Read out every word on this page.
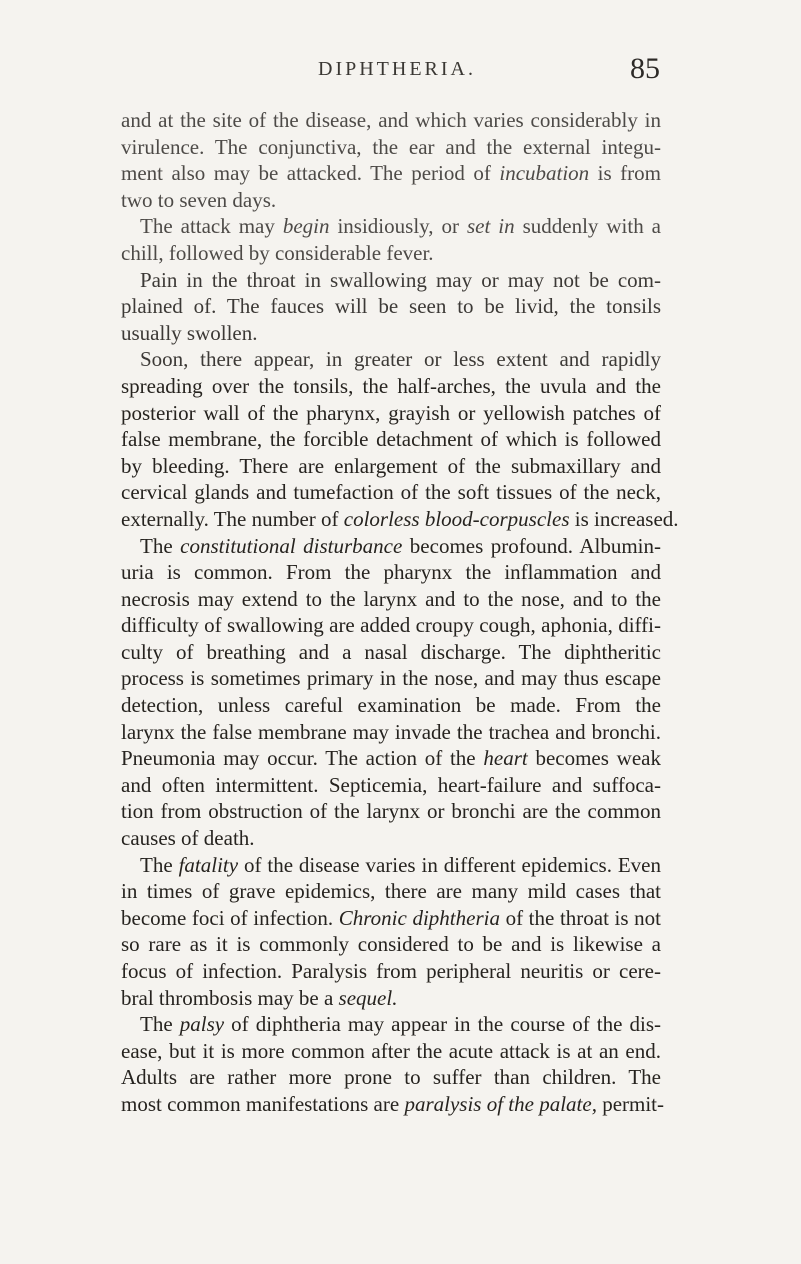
DIPHTHERIA.	85
and at the site of the disease, and which varies considerably in
virulence. The conjunctiva, the ear and the external integu-
ment also may be attacked. The period of incubation is from
two to seven days.
The attack may begin insidiously, or set in suddenly with a
chill, followed by considerable fever.
Pain in the throat in swallowing may or may not be com-
plained of. The fauces will be seen to be livid, the tonsils
usually swollen.
Soon, there appear, in greater or less extent and rapidly
spreading over the tonsils, the half-arches, the uvula and the
posterior wall of the pharynx, grayish or yellowish patches of
false membrane, the forcible detachment of which is followed
by bleeding. There are enlargement of the submaxillary and
cervical glands and tumefaction of the soft tissues of the neck,
externally. The number of colorless blood-corpuscles is increased.
The constitutional disturbance becomes profound. Albumin-
uria is common. From the pharynx the inflammation and
necrosis may extend to the larynx and to the nose, and to the
difficulty of swallowing are added croupy cough, aphonia, diffi-
culty of breathing and a nasal discharge. The diphtheritic
process is sometimes primary in the nose, and may thus escape
detection, unless careful examination be made. From the
larynx the false membrane may invade the trachea and bronchi.
Pneumonia may occur. The action of the heart becomes weak
and often intermittent. Septicemia, heart-failure and suffoca-
tion from obstruction of the larynx or bronchi are the common
causes of death.
The fatality of the disease varies in different epidemics. Even
in times of grave epidemics, there are many mild cases that
become foci of infection. Chronic diphtheria of the throat is not
so rare as it is commonly considered to be and is likewise a
focus of infection. Paralysis from peripheral neuritis or cere-
bral thrombosis may be a sequel.
The palsy of diphtheria may appear in the course of the dis-
ease, but it is more common after the acute attack is at an end.
Adults are rather more prone to suffer than children. The
most common manifestations are paralysis of the palate, permit-
